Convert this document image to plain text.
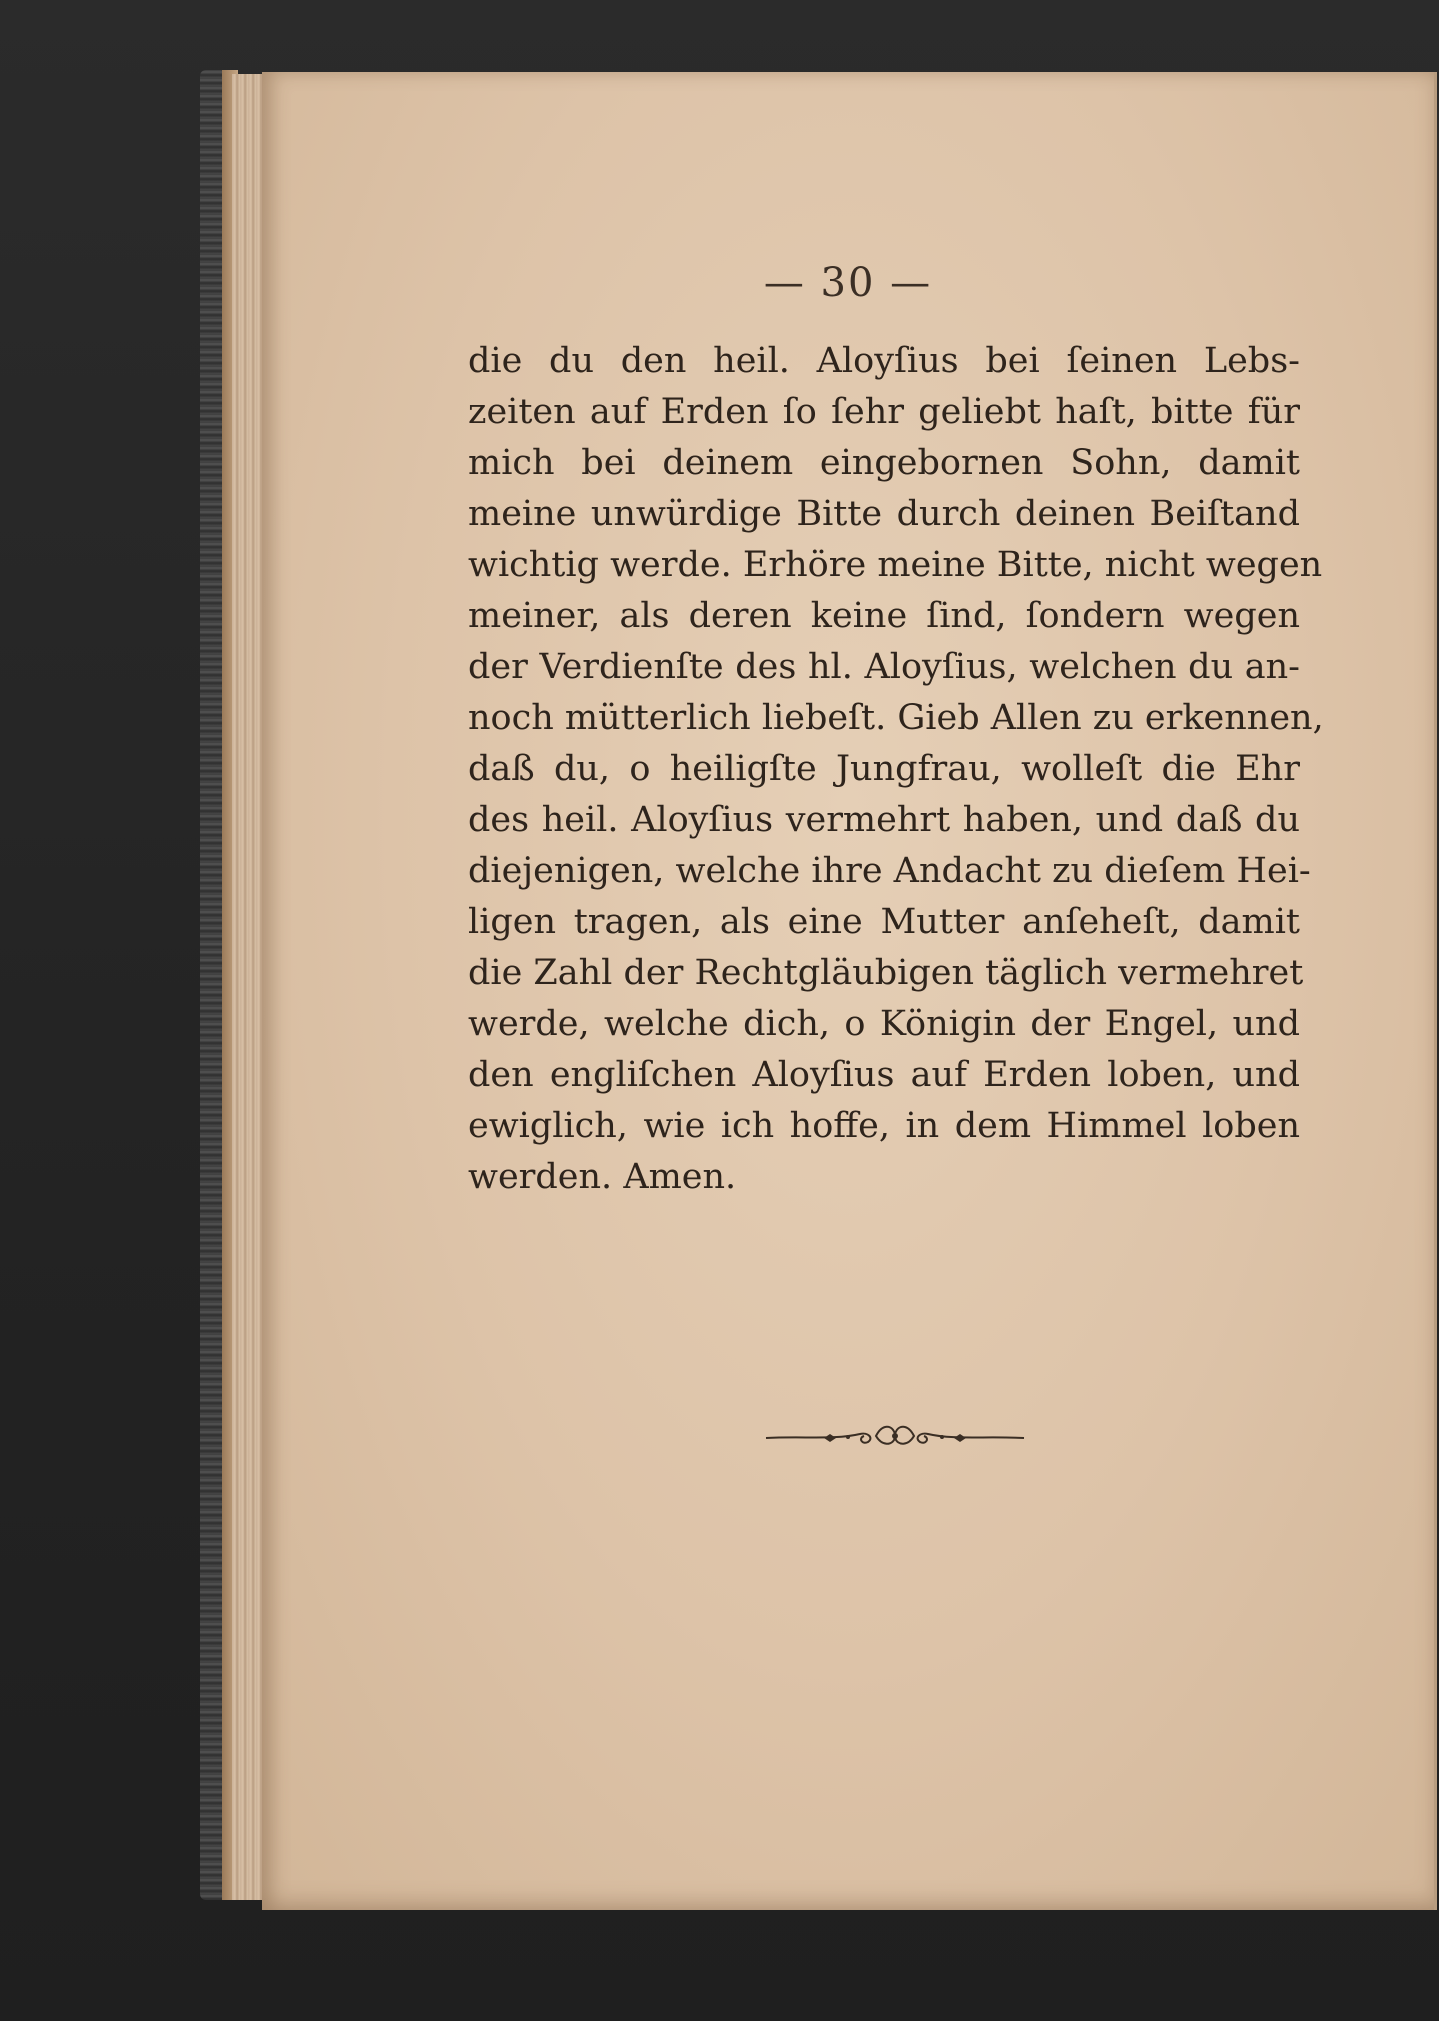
— 30 —
die du den heil. Aloyſius bei ſeinen Lebs-
zeiten auf Erden ſo ſehr geliebt haſt, bitte für
mich bei deinem eingebornen Sohn, damit
meine unwürdige Bitte durch deinen Beiſtand
wichtig werde. Erhöre meine Bitte, nicht wegen
meiner, als deren keine ſind, ſondern wegen
der Verdienſte des hl. Aloyſius, welchen du an-
noch mütterlich liebeſt. Gieb Allen zu erkennen,
daß du, o heiligſte Jungfrau, wolleſt die Ehr
des heil. Aloyſius vermehrt haben, und daß du
diejenigen, welche ihre Andacht zu dieſem Hei-
ligen tragen, als eine Mutter anſeheſt, damit
die Zahl der Rechtgläubigen täglich vermehret
werde, welche dich, o Königin der Engel, und
den engliſchen Aloyſius auf Erden loben, und
ewiglich, wie ich hoffe, in dem Himmel loben
werden. Amen.
